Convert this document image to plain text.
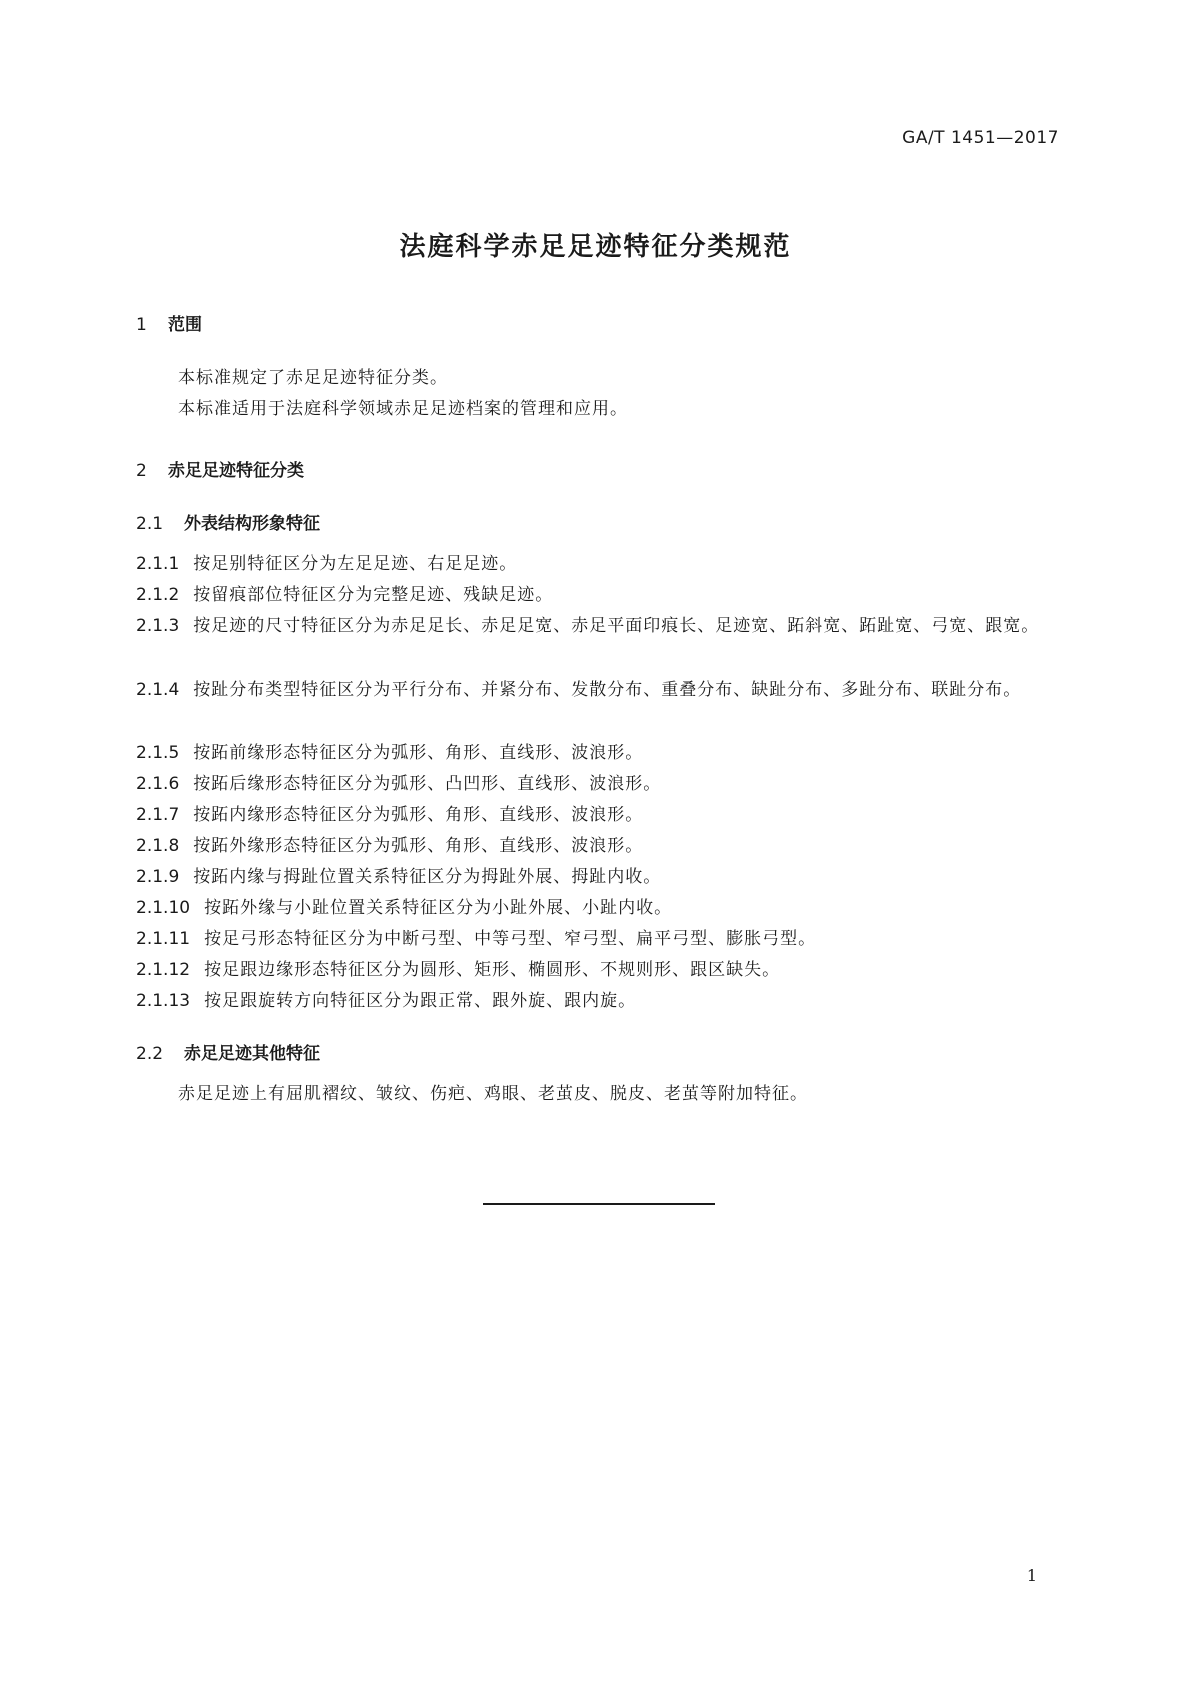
GA/T 1451—2017
法庭科学赤足足迹特征分类规范
1 范围
本标准规定了赤足足迹特征分类。
本标准适用于法庭科学领域赤足足迹档案的管理和应用。
2 赤足足迹特征分类
2.1 外表结构形象特征
2.1.1 按足别特征区分为左足足迹、右足足迹。
2.1.2 按留痕部位特征区分为完整足迹、残缺足迹。
2.1.3 按足迹的尺寸特征区分为赤足足长、赤足足宽、赤足平面印痕长、足迹宽、跖斜宽、跖趾宽、弓宽、跟宽。
2.1.4 按趾分布类型特征区分为平行分布、并紧分布、发散分布、重叠分布、缺趾分布、多趾分布、联趾分布。
2.1.5 按跖前缘形态特征区分为弧形、角形、直线形、波浪形。
2.1.6 按跖后缘形态特征区分为弧形、凸凹形、直线形、波浪形。
2.1.7 按跖内缘形态特征区分为弧形、角形、直线形、波浪形。
2.1.8 按跖外缘形态特征区分为弧形、角形、直线形、波浪形。
2.1.9 按跖内缘与拇趾位置关系特征区分为拇趾外展、拇趾内收。
2.1.10 按跖外缘与小趾位置关系特征区分为小趾外展、小趾内收。
2.1.11 按足弓形态特征区分为中断弓型、中等弓型、窄弓型、扁平弓型、膨胀弓型。
2.1.12 按足跟边缘形态特征区分为圆形、矩形、椭圆形、不规则形、跟区缺失。
2.1.13 按足跟旋转方向特征区分为跟正常、跟外旋、跟内旋。
2.2 赤足足迹其他特征
赤足足迹上有屈肌褶纹、皱纹、伤疤、鸡眼、老茧皮、脱皮、老茧等附加特征。
1
